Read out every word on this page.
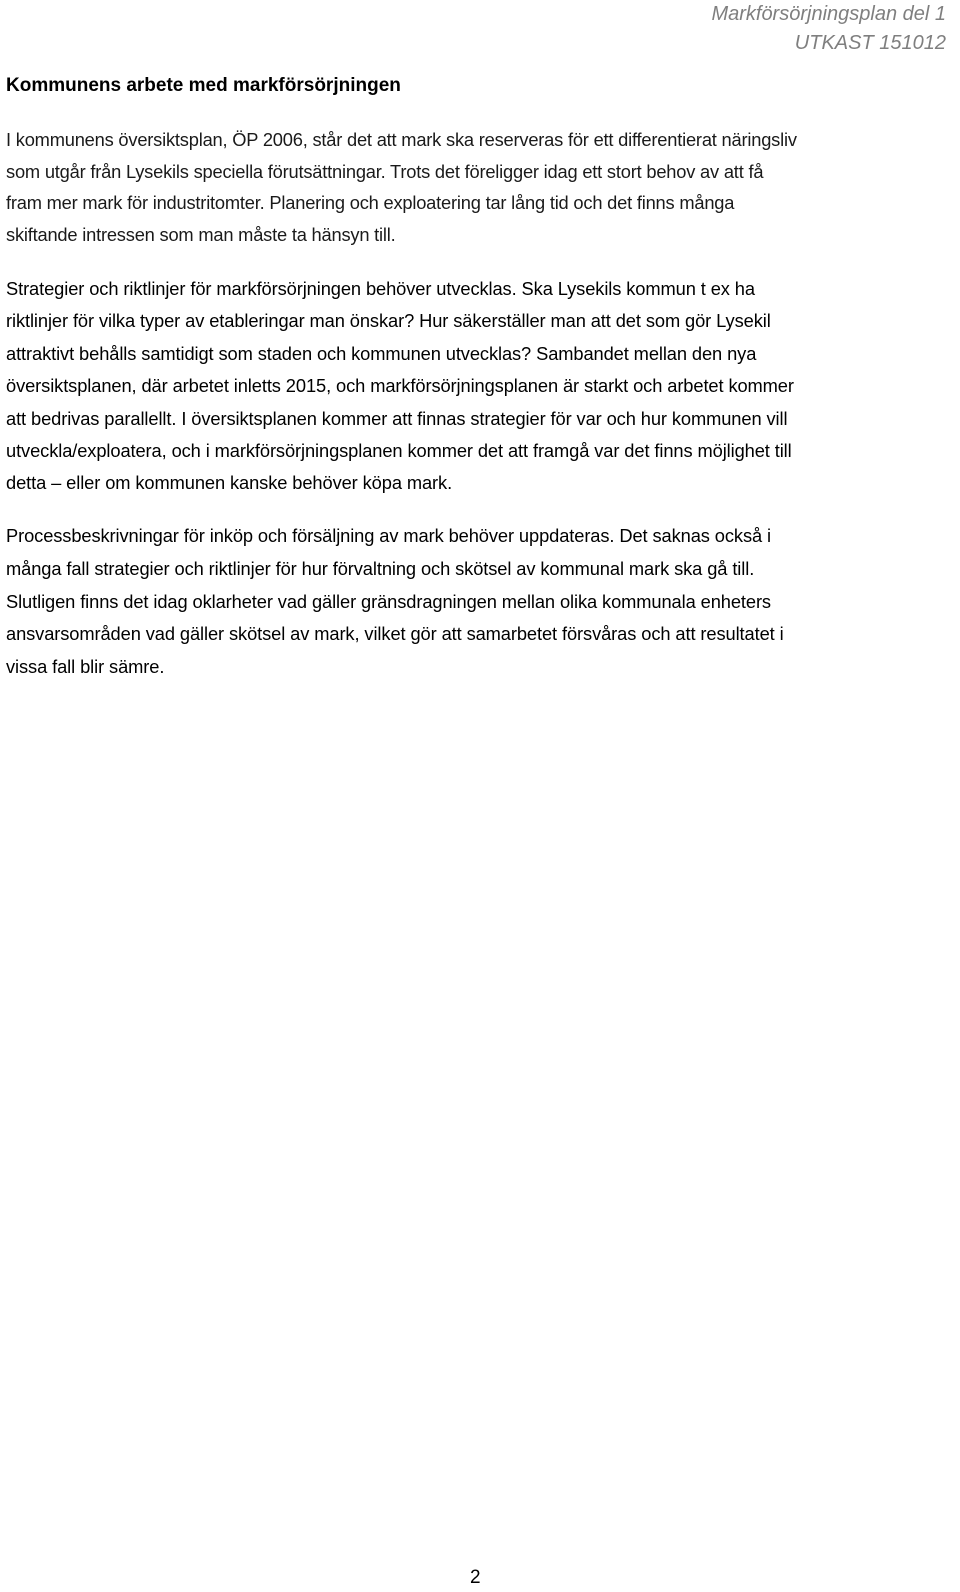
Markförsörjningsplan del 1
UTKAST 151012
Kommunens arbete med markförsörjningen

I kommunens översiktsplan, ÖP 2006, står det att mark ska reserveras för ett differentierat näringsliv
som utgår från Lysekils speciella förutsättningar. Trots det föreligger idag ett stort behov av att få
fram mer mark för industritomter. Planering och exploatering tar lång tid och det finns många
skiftande intressen som man måste ta hänsyn till.

Strategier och riktlinjer för markförsörjningen behöver utvecklas. Ska Lysekils kommun t ex ha
riktlinjer för vilka typer av etableringar man önskar? Hur säkerställer man att det som gör Lysekil
attraktivt behålls samtidigt som staden och kommunen utvecklas? Sambandet mellan den nya
översiktsplanen, där arbetet inletts 2015, och markförsörjningsplanen är starkt och arbetet kommer
att bedrivas parallellt. I översiktsplanen kommer att finnas strategier för var och hur kommunen vill
utveckla/exploatera, och i markförsörjningsplanen kommer det att framgå var det finns möjlighet till
detta – eller om kommunen kanske behöver köpa mark.

Processbeskrivningar för inköp och försäljning av mark behöver uppdateras. Det saknas också i
många fall strategier och riktlinjer för hur förvaltning och skötsel av kommunal mark ska gå till.
Slutligen finns det idag oklarheter vad gäller gränsdragningen mellan olika kommunala enheters
ansvarsområden vad gäller skötsel av mark, vilket gör att samarbetet försvåras och att resultatet i
vissa fall blir sämre.

2
